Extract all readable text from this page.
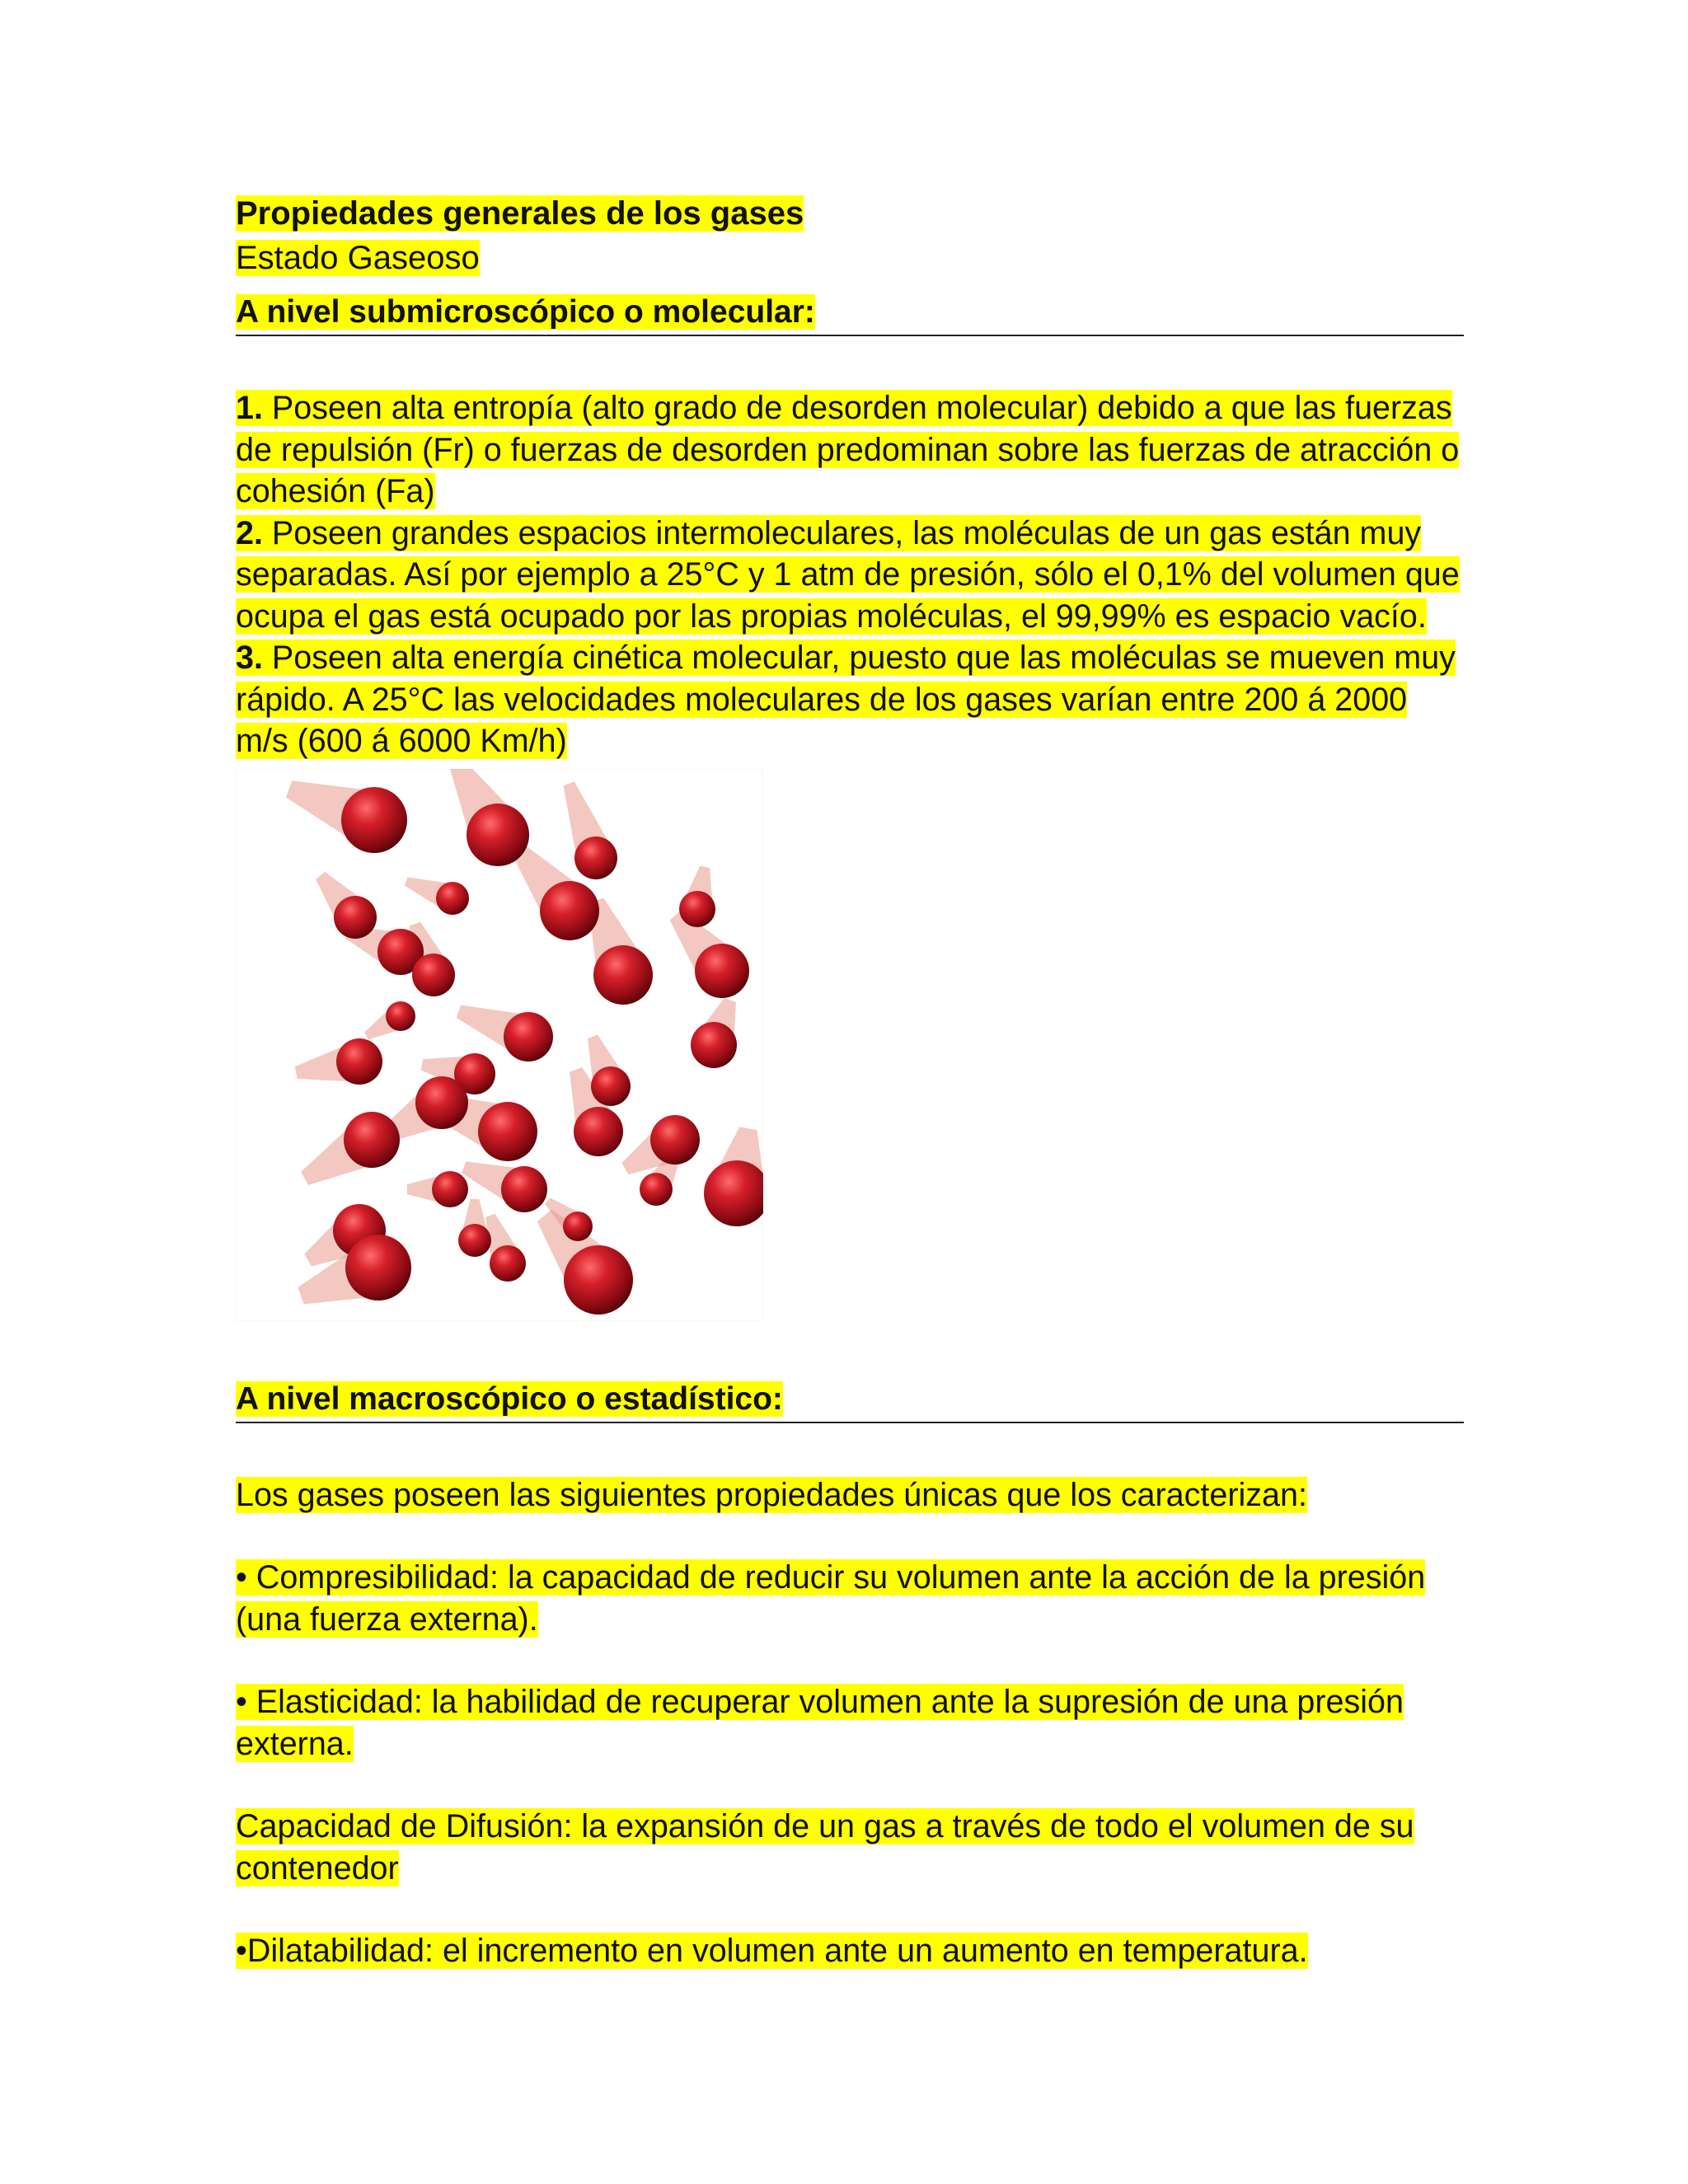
Propiedades generales de los gases

Estado Gaseoso

A nivel submicroscópico o molecular:

1. Poseen alta entropía (alto grado de desorden molecular) debido a que las fuerzas de repulsión (Fr) o fuerzas de desorden predominan sobre las fuerzas de atracción o cohesión (Fa)

2. Poseen grandes espacios intermoleculares, las moléculas de un gas están muy separadas. Así por ejemplo a 25°C y 1 atm de presión, sólo el 0,1% del volumen que ocupa el gas está ocupado por las propias moléculas, el 99,99% es espacio vacío.

3. Poseen alta energía cinética molecular, puesto que las moléculas se mueven muy rápido. A 25°C las velocidades moleculares de los gases varían entre 200 á 2000 m/s (600 á 6000 Km/h)

A nivel macroscópico o estadístico:

Los gases poseen las siguientes propiedades únicas que los caracterizan:

• Compresibilidad: la capacidad de reducir su volumen ante la acción de la presión (una fuerza externa).

• Elasticidad: la habilidad de recuperar volumen ante la supresión de una presión externa.

Capacidad de Difusión: la expansión de un gas a través de todo el volumen de su contenedor

•Dilatabilidad: el incremento en volumen ante un aumento en temperatura.
